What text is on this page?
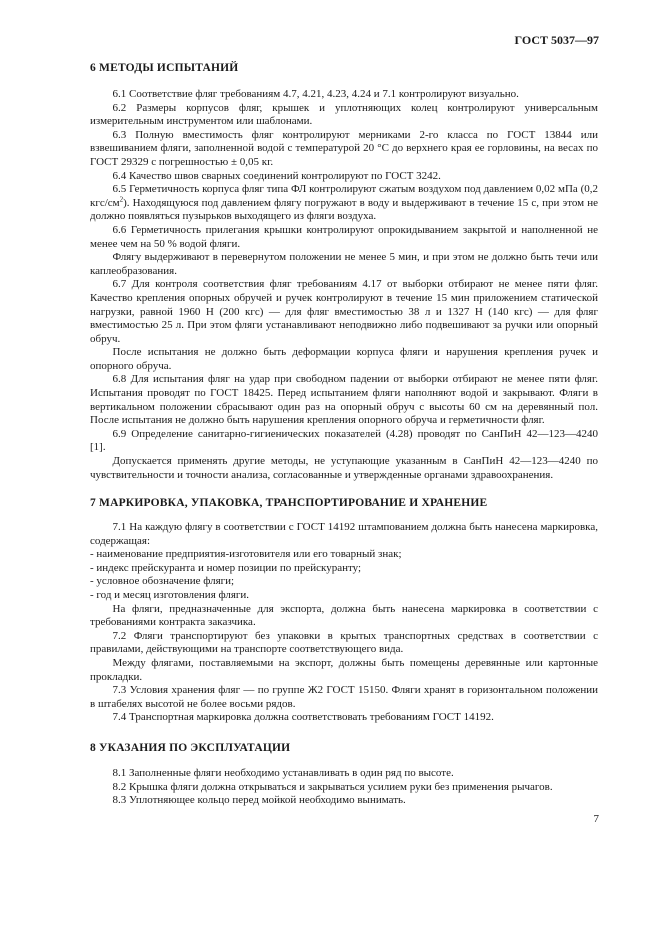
ГОСТ 5037—97
6 МЕТОДЫ ИСПЫТАНИЙ

6.1 Соответствие фляг требованиям 4.7, 4.21, 4.23, 4.24 и 7.1 контролируют визуально.

6.2 Размеры корпусов фляг, крышек и уплотняющих колец контролируют универсальным измерительным инструментом или шаблонами.

6.3 Полную вместимость фляг контролируют мерниками 2-го класса по ГОСТ 13844 или взвешиванием фляги, заполненной водой с температурой 20 °С до верхнего края ее горловины, на весах по ГОСТ 29329 с погрешностью ± 0,05 кг.

6.4 Качество швов сварных соединений контролируют по ГОСТ 3242.

6.5 Герметичность корпуса фляг типа ФЛ контролируют сжатым воздухом под давлением 0,02 мПа (0,2 кгс/$см^2$). Находящуюся под давлением флягу погружают в воду и выдерживают в течение 15 с, при этом не должно появляться пузырьков выходящего из фляги воздуха.

6.6 Герметичность прилегания крышки контролируют опрокидыванием закрытой и наполненной не менее чем на 50 % водой фляги.

Флягу выдерживают в перевернутом положении не менее 5 мин, и при этом не должно быть течи или каплеобразования.

6.7 Для контроля соответствия фляг требованиям 4.17 от выборки отбирают не менее пяти фляг. Качество крепления опорных обручей и ручек контролируют в течение 15 мин приложением статической нагрузки, равной 1960 Н (200 кгс) — для фляг вместимостью 38 л и 1327 Н (140 кгс) — для фляг вместимостью 25 л. При этом фляги устанавливают неподвижно либо подвешивают за ручки или опорный обруч.

После испытания не должно быть деформации корпуса фляги и нарушения крепления ручек и опорного обруча.

6.8 Для испытания фляг на удар при свободном падении от выборки отбирают не менее пяти фляг. Испытания проводят по ГОСТ 18425. Перед испытанием фляги наполняют водой и закрывают. Фляги в вертикальном положении сбрасывают один раз на опорный обруч с высоты 60 см на деревянный пол. После испытания не должно быть нарушения крепления опорного обруча и герметичности фляг.

6.9 Определение санитарно-гигиенических показателей (4.28) проводят по СанПиН 42—123—4240 [1].

Допускается применять другие методы, не уступающие указанным в СанПиН 42—123—4240 по чувствительности и точности анализа, согласованные и утвержденные органами здравоохранения.

7 МАРКИРОВКА, УПАКОВКА, ТРАНСПОРТИРОВАНИЕ И ХРАНЕНИЕ

7.1 На каждую флягу в соответствии с ГОСТ 14192 штампованием должна быть нанесена маркировка, содержащая:

- наименование предприятия-изготовителя или его товарный знак;

- индекс прейскуранта и номер позиции по прейскуранту;

- условное обозначение фляги;

- год и месяц изготовления фляги.

На фляги, предназначенные для экспорта, должна быть нанесена маркировка в соответствии с требованиями контракта заказчика.

7.2 Фляги транспортируют без упаковки в крытых транспортных средствах в соответствии с правилами, действующими на транспорте соответствующего вида.

Между флягами, поставляемыми на экспорт, должны быть помещены деревянные или картонные прокладки.

7.3 Условия хранения фляг — по группе Ж2 ГОСТ 15150. Фляги хранят в горизонтальном положении в штабелях высотой не более восьми рядов.

7.4 Транспортная маркировка должна соответствовать требованиям ГОСТ 14192.

8 УКАЗАНИЯ ПО ЭКСПЛУАТАЦИИ

8.1 Заполненные фляги необходимо устанавливать в один ряд по высоте.

8.2 Крышка фляги должна открываться и закрываться усилием руки без применения рычагов.

8.3 Уплотняющее кольцо перед мойкой необходимо вынимать.

7
